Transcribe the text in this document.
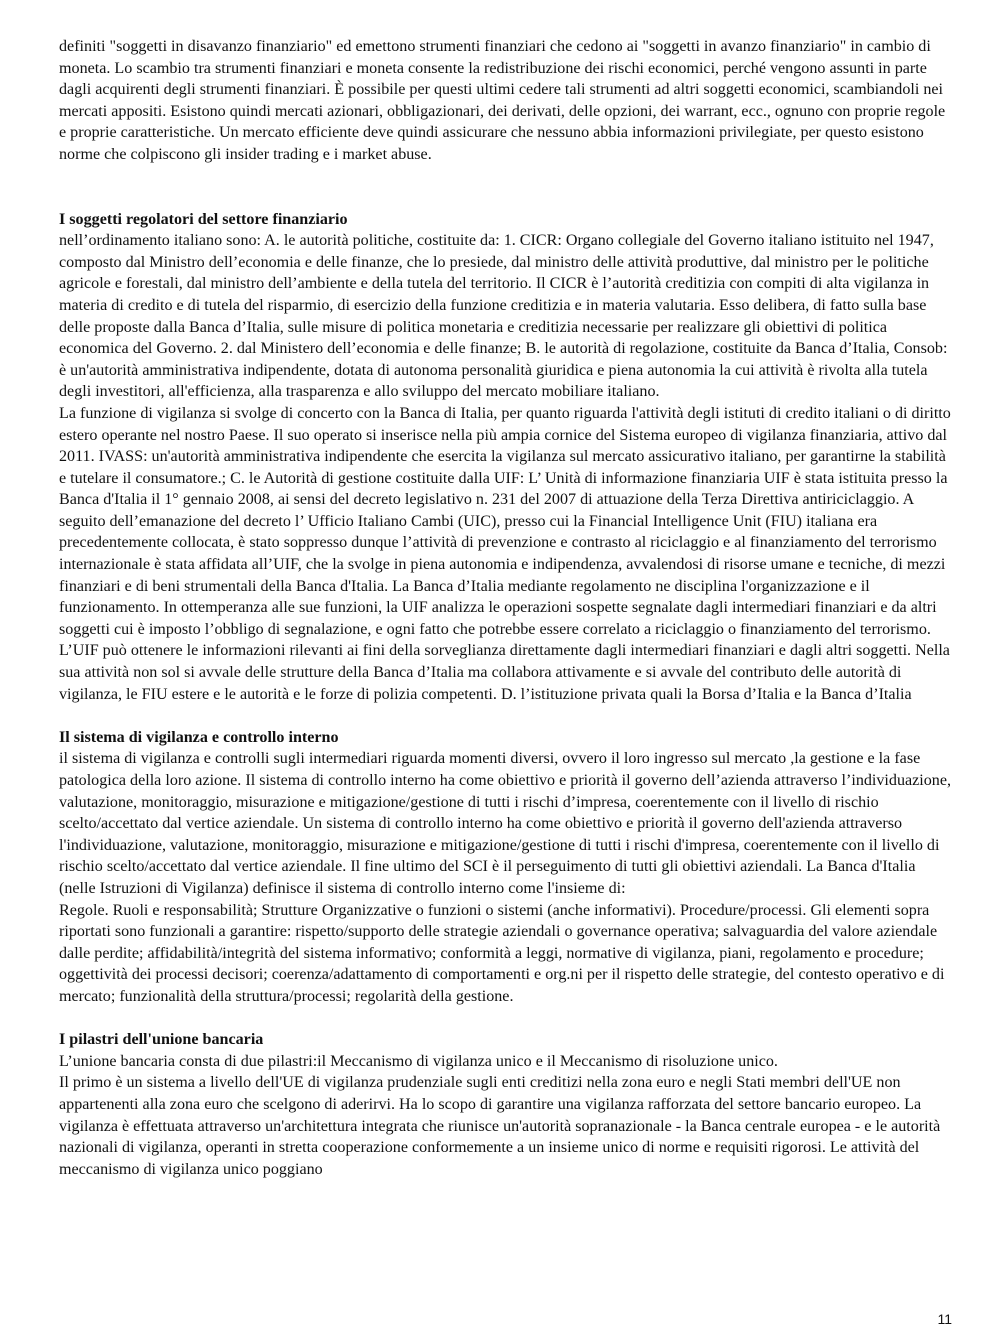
definiti "soggetti in disavanzo finanziario" ed emettono strumenti finanziari che cedono ai "soggetti in avanzo finanziario" in cambio di moneta. Lo scambio tra strumenti finanziari e moneta consente la redistribuzione dei rischi economici, perché vengono assunti in parte dagli acquirenti degli strumenti finanziari. È possibile per questi ultimi cedere tali strumenti ad altri soggetti economici, scambiandoli nei mercati appositi. Esistono quindi mercati azionari, obbligazionari, dei derivati, delle opzioni, dei warrant, ecc., ognuno con proprie regole e proprie caratteristiche. Un mercato efficiente deve quindi assicurare che nessuno abbia informazioni privilegiate, per questo esistono norme che colpiscono gli insider trading e i market abuse.

I soggetti regolatori del settore finanziario

nell’ordinamento italiano sono: A. le autorità politiche, costituite da: 1. CICR: Organo collegiale del Governo italiano istituito nel 1947, composto dal Ministro dell’economia e delle finanze, che lo presiede, dal ministro delle attività produttive, dal ministro per le politiche agricole e forestali, dal ministro dell’ambiente e della tutela del territorio. Il CICR è l’autorità creditizia con compiti di alta vigilanza in materia di credito e di tutela del risparmio, di esercizio della funzione creditizia e in materia valutaria. Esso delibera, di fatto sulla base delle proposte dalla Banca d’Italia, sulle misure di politica monetaria e creditizia necessarie per realizzare gli obiettivi di politica economica del Governo. 2. dal Ministero dell’economia e delle finanze; B. le autorità di regolazione, costituite da Banca d’Italia, Consob: è un'autorità amministrativa indipendente, dotata di autonoma personalità giuridica e piena autonomia la cui attività è rivolta alla tutela degli investitori, all'efficienza, alla trasparenza e allo sviluppo del mercato mobiliare italiano.

La funzione di vigilanza si svolge di concerto con la Banca di Italia, per quanto riguarda l'attività degli istituti di credito italiani o di diritto estero operante nel nostro Paese. Il suo operato si inserisce nella più ampia cornice del Sistema europeo di vigilanza finanziaria, attivo dal 2011. IVASS: un'autorità amministrativa indipendente che esercita la vigilanza sul mercato assicurativo italiano, per garantirne la stabilità e tutelare il consumatore.; C. le Autorità di gestione costituite dalla UIF: L’ Unità di informazione finanziaria UIF è stata istituita presso la Banca d'Italia il 1° gennaio 2008, ai sensi del decreto legislativo n. 231 del 2007 di attuazione della Terza Direttiva antiriciclaggio. A seguito dell’emanazione del decreto l’ Ufficio Italiano Cambi (UIC), presso cui la Financial Intelligence Unit (FIU) italiana era precedentemente collocata, è stato soppresso dunque l’attività di prevenzione e contrasto al riciclaggio e al finanziamento del terrorismo internazionale è stata affidata all’UIF, che la svolge in piena autonomia e indipendenza, avvalendosi di risorse umane e tecniche, di mezzi finanziari e di beni strumentali della Banca d'Italia. La Banca d’Italia mediante regolamento ne disciplina l'organizzazione e il funzionamento. In ottemperanza alle sue funzioni, la UIF analizza le operazioni sospette segnalate dagli intermediari finanziari e da altri soggetti cui è imposto l’obbligo di segnalazione, e ogni fatto che potrebbe essere correlato a riciclaggio o finanziamento del terrorismo. L’UIF può ottenere le informazioni rilevanti ai fini della sorveglianza direttamente dagli intermediari finanziari e dagli altri soggetti. Nella sua attività non sol si avvale delle strutture della Banca d’Italia ma collabora attivamente e si avvale del contributo delle autorità di vigilanza, le FIU estere e le autorità e le forze di polizia competenti. D. l’istituzione privata quali la Borsa d’Italia e la Banca d’Italia

Il sistema di vigilanza e controllo interno

il sistema di vigilanza e controlli sugli intermediari riguarda momenti diversi, ovvero il loro ingresso sul mercato ,la gestione e la fase patologica della loro azione. Il sistema di controllo interno ha come obiettivo e priorità il governo dell’azienda attraverso l’individuazione, valutazione, monitoraggio, misurazione e mitigazione/gestione di tutti i rischi d’impresa, coerentemente con il livello di rischio scelto/accettato dal vertice aziendale. Un sistema di controllo interno ha come obiettivo e priorità il governo dell'azienda attraverso l'individuazione, valutazione, monitoraggio, misurazione e mitigazione/gestione di tutti i rischi d'impresa, coerentemente con il livello di rischio scelto/accettato dal vertice aziendale. Il fine ultimo del SCI è il perseguimento di tutti gli obiettivi aziendali. La Banca d'Italia (nelle Istruzioni di Vigilanza) definisce il sistema di controllo interno come l'insieme di:

Regole. Ruoli e responsabilità; Strutture Organizzative o funzioni o sistemi (anche informativi). Procedure/processi. Gli elementi sopra riportati sono funzionali a garantire: rispetto/supporto delle strategie aziendali o governance operativa; salvaguardia del valore aziendale dalle perdite; affidabilità/integrità del sistema informativo; conformità a leggi, normative di vigilanza, piani, regolamento e procedure; oggettività dei processi decisori; coerenza/adattamento di comportamenti e org.ni per il rispetto delle strategie, del contesto operativo e di mercato; funzionalità della struttura/processi; regolarità della gestione.

I pilastri dell'unione bancaria

L’unione bancaria consta di due pilastri:il Meccanismo di vigilanza unico e il Meccanismo di risoluzione unico.

Il primo è un sistema a livello dell'UE di vigilanza prudenziale sugli enti creditizi nella zona euro e negli Stati membri dell'UE non appartenenti alla zona euro che scelgono di aderirvi. Ha lo scopo di garantire una vigilanza rafforzata del settore bancario europeo. La vigilanza è effettuata attraverso un'architettura integrata che riunisce un'autorità sopranazionale - la Banca centrale europea - e le autorità nazionali di vigilanza, operanti in stretta cooperazione conformemente a un insieme unico di norme e requisiti rigorosi. Le attività del meccanismo di vigilanza unico poggiano

11
